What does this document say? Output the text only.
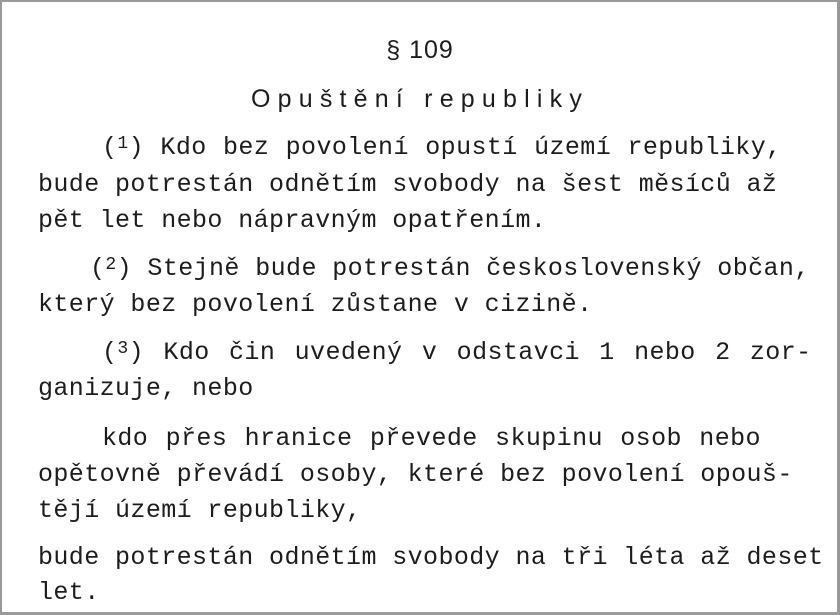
§ 109
Opuštění republiky
($^1$) Kdo bez povolení opustí území republiky,
bude potrestán odnětím svobody na šest měsíců až
pět let nebo nápravným opatřením.
($^2$) Stejně bude potrestán československý občan,
který bez povolení zůstane v cizině.
($^3$) Kdo čin uvedený v odstavci 1 nebo 2 zor-
ganizuje, nebo
kdo přes hranice převede skupinu osob nebo
opětovně převádí osoby, které bez povolení opouš-
tějí území republiky,
bude potrestán odnětím svobody na tři léta až deset
let.
